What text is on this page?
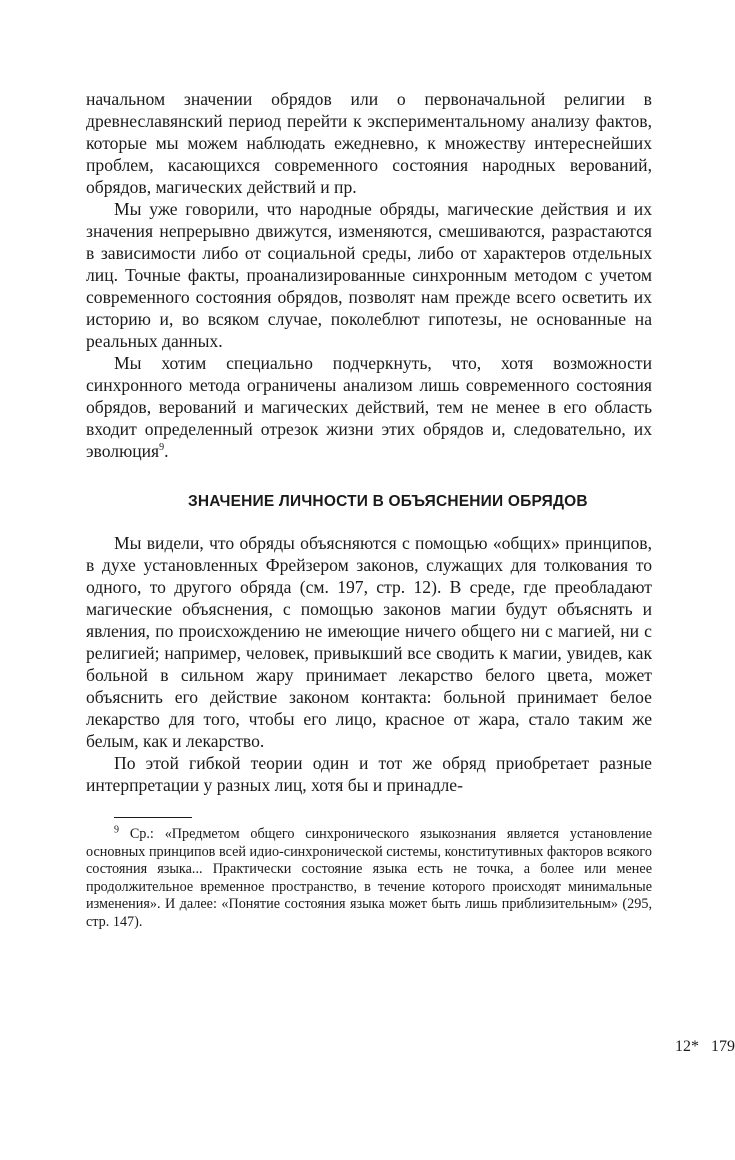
начальном значении обрядов или о первоначальной религии в древнеславянский период перейти к экспериментальному анализу фактов, которые мы можем наблюдать ежедневно, к множеству интереснейших проблем, касающихся современного состояния народных верований, обрядов, магических действий и пр.

Мы уже говорили, что народные обряды, магические действия и их значения непрерывно движутся, изменяются, смешиваются, разрастаются в зависимости либо от социальной среды, либо от характеров отдельных лиц. Точные факты, проанализированные синхронным методом с учетом современного состояния обрядов, позволят нам прежде всего осветить их историю и, во всяком случае, поколеблют гипотезы, не основанные на реальных данных.

Мы хотим специально подчеркнуть, что, хотя возможности синхронного метода ограничены анализом лишь современного состояния обрядов, верований и магических действий, тем не менее в его область входит определенный отрезок жизни этих обрядов и, следовательно, их эволюция$^9$.

ЗНАЧЕНИЕ ЛИЧНОСТИ В ОБЪЯСНЕНИИ ОБРЯДОВ

Мы видели, что обряды объясняются с помощью «общих» принципов, в духе установленных Фрейзером законов, служащих для толкования то одного, то другого обряда (см. 197, стр. 12). В среде, где преобладают магические объяснения, с помощью законов магии будут объяснять и явления, по происхождению не имеющие ничего общего ни с магией, ни с религией; например, человек, привыкший все сводить к магии, увидев, как больной в сильном жару принимает лекарство белого цвета, может объяснить его действие законом контакта: больной принимает белое лекарство для того, чтобы его лицо, красное от жара, стало таким же белым, как и лекарство.

По этой гибкой теории один и тот же обряд приобретает разные интерпретации у разных лиц, хотя бы и принадле-

$^9$ Ср.: «Предметом общего синхронического языкознания является установление основных принципов всей идио-синхронической системы, конститутивных факторов всякого состояния языка... Практически состояние языка есть не точка, а более или менее продолжительное временное пространство, в течение которого происходят минимальные изменения». И далее: «Понятие состояния языка может быть лишь приблизительным» (295, стр. 147).

12* 179
